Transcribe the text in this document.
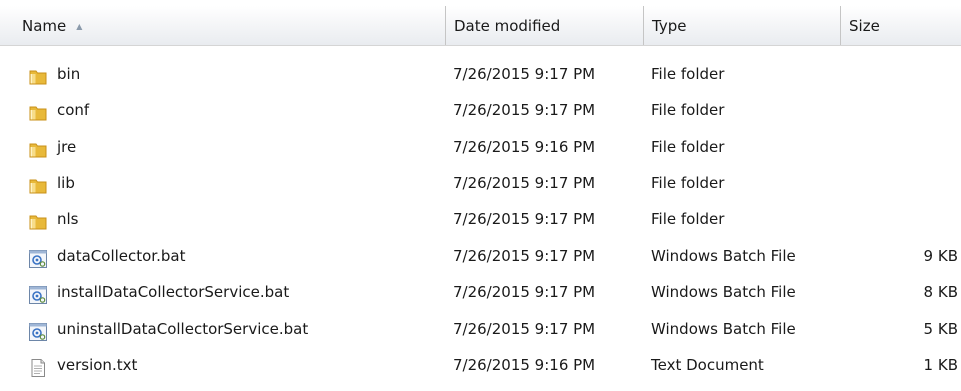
Name ▲	Date modified	Type	Size
bin	7/26/2015 9:17 PM	File folder
conf	7/26/2015 9:17 PM	File folder
jre	7/26/2015 9:16 PM	File folder
lib	7/26/2015 9:17 PM	File folder
nls	7/26/2015 9:17 PM	File folder
dataCollector.bat	7/26/2015 9:17 PM	Windows Batch File	9 KB
installDataCollectorService.bat	7/26/2015 9:17 PM	Windows Batch File	8 KB
uninstallDataCollectorService.bat	7/26/2015 9:17 PM	Windows Batch File	5 KB
version.txt	7/26/2015 9:16 PM	Text Document	1 KB
